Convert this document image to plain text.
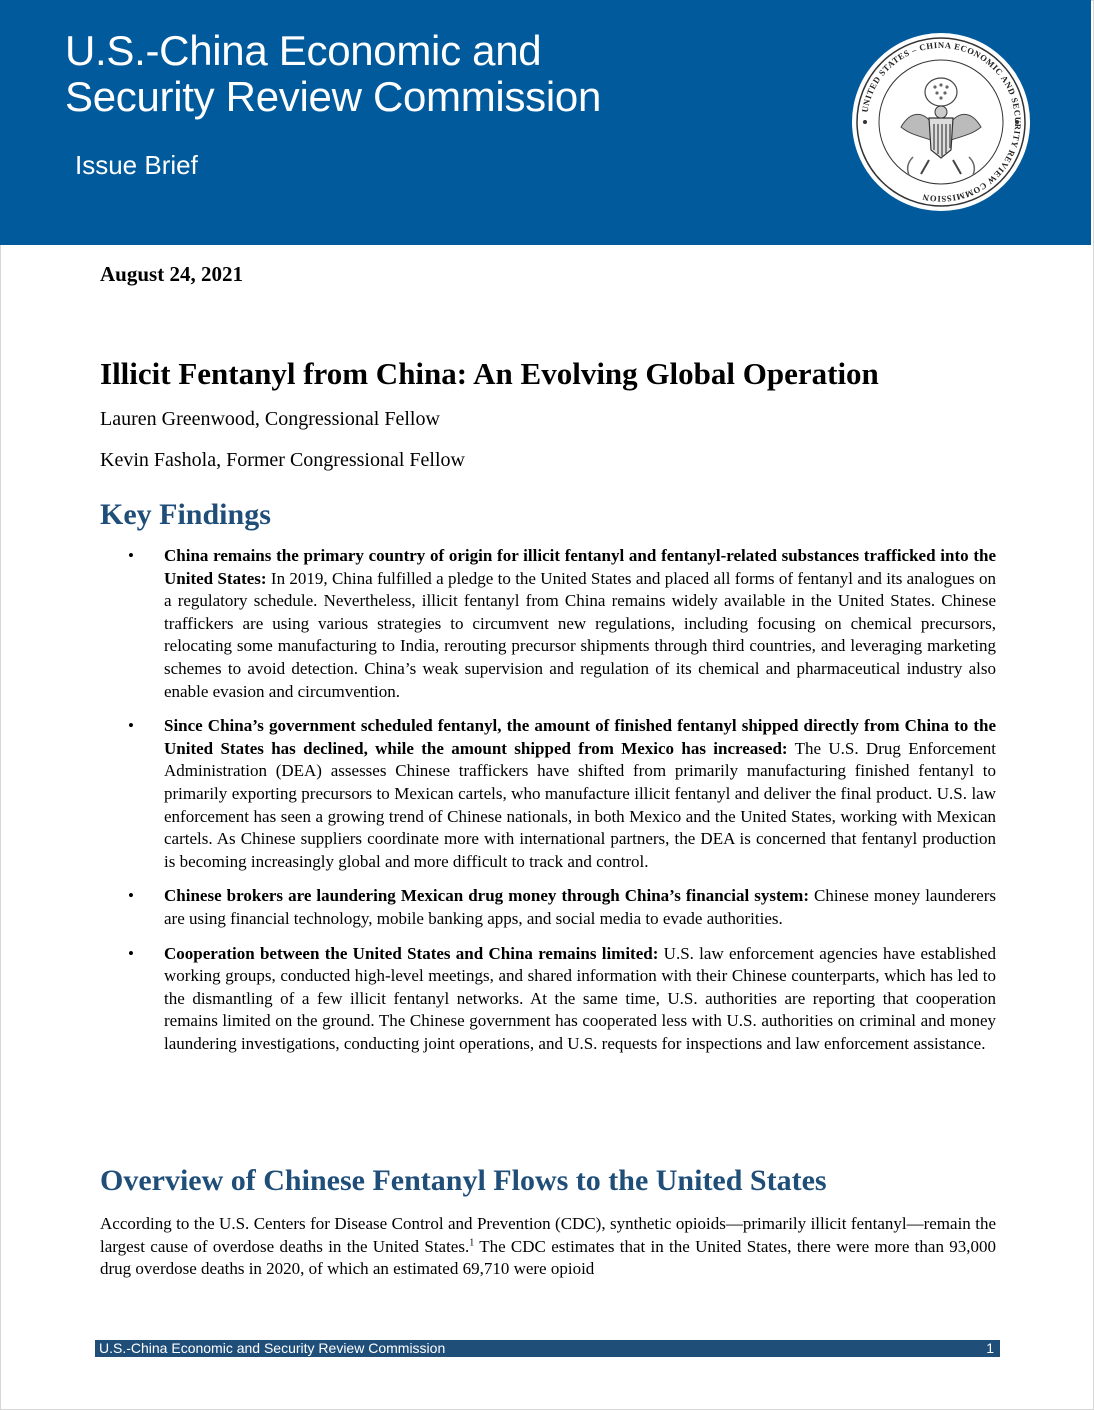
U.S.-China Economic and
Security Review Commission
Issue Brief
UNITED STATES – CHINA ECONOMIC AND SECURITY REVIEW COMMISSION
August 24, 2021
Illicit Fentanyl from China: An Evolving Global Operation
Lauren Greenwood, Congressional Fellow
Kevin Fashola, Former Congressional Fellow
Key Findings
• China remains the primary country of origin for illicit fentanyl and fentanyl-related substances trafficked into the United States: In 2019, China fulfilled a pledge to the United States and placed all forms of fentanyl and its analogues on a regulatory schedule. Nevertheless, illicit fentanyl from China remains widely available in the United States. Chinese traffickers are using various strategies to circumvent new regulations, including focusing on chemical precursors, relocating some manufacturing to India, rerouting precursor shipments through third countries, and leveraging marketing schemes to avoid detection. China’s weak supervision and regulation of its chemical and pharmaceutical industry also enable evasion and circumvention.
• Since China’s government scheduled fentanyl, the amount of finished fentanyl shipped directly from China to the United States has declined, while the amount shipped from Mexico has increased: The U.S. Drug Enforcement Administration (DEA) assesses Chinese traffickers have shifted from primarily manufacturing finished fentanyl to primarily exporting precursors to Mexican cartels, who manufacture illicit fentanyl and deliver the final product. U.S. law enforcement has seen a growing trend of Chinese nationals, in both Mexico and the United States, working with Mexican cartels. As Chinese suppliers coordinate more with international partners, the DEA is concerned that fentanyl production is becoming increasingly global and more difficult to track and control.
• Chinese brokers are laundering Mexican drug money through China’s financial system: Chinese money launderers are using financial technology, mobile banking apps, and social media to evade authorities.
• Cooperation between the United States and China remains limited: U.S. law enforcement agencies have established working groups, conducted high-level meetings, and shared information with their Chinese counterparts, which has led to the dismantling of a few illicit fentanyl networks. At the same time, U.S. authorities are reporting that cooperation remains limited on the ground. The Chinese government has cooperated less with U.S. authorities on criminal and money laundering investigations, conducting joint operations, and U.S. requests for inspections and law enforcement assistance.
Overview of Chinese Fentanyl Flows to the United States

According to the U.S. Centers for Disease Control and Prevention (CDC), synthetic opioids—primarily illicit fentanyl—remain the largest cause of overdose deaths in the United States.$^1$ The CDC estimates that in the United States, there were more than 93,000 drug overdose deaths in 2020, of which an estimated 69,710 were opioid

U.S.-China Economic and Security Review Commission	1
